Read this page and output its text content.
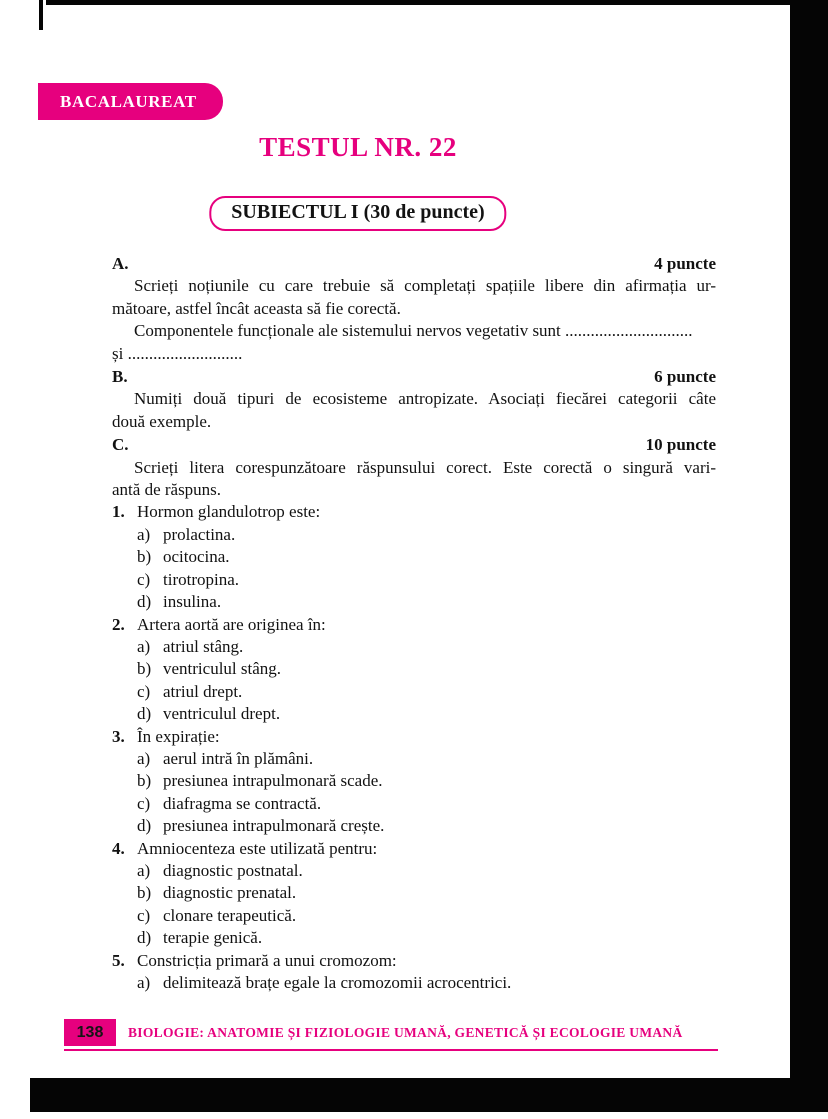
BACALAUREAT
TESTUL NR. 22
SUBIECTUL I (30 de puncte)
A.	4 puncte
Scrieți noțiunile cu care trebuie să completați spațiile libere din afirmația ur-
mătoare, astfel încât aceasta să fie corectă.
Componentele funcționale ale sistemului nervos vegetativ sunt ..............................
și ...........................
B.	6 puncte
Numiți două tipuri de ecosisteme antropizate. Asociați fiecărei categorii câte
două exemple.
C.	10 puncte
Scrieți litera corespunzătoare răspunsului corect. Este corectă o singură vari-
antă de răspuns.
1. Hormon glandulotrop este:
a) prolactina.
b) ocitocina.
c) tirotropina.
d) insulina.
2. Artera aortă are originea în:
a) atriul stâng.
b) ventriculul stâng.
c) atriul drept.
d) ventriculul drept.
3. În expirație:
a) aerul intră în plămâni.
b) presiunea intrapulmonară scade.
c) diafragma se contractă.
d) presiunea intrapulmonară crește.
4. Amniocenteza este utilizată pentru:
a) diagnostic postnatal.
b) diagnostic prenatal.
c) clonare terapeutică.
d) terapie genică.
5. Constricția primară a unui cromozom:
a) delimitează brațe egale la cromozomii acrocentrici.
138 BIOLOGIE: ANATOMIE ȘI FIZIOLOGIE UMANĂ, GENETICĂ ȘI ECOLOGIE UMANĂ
